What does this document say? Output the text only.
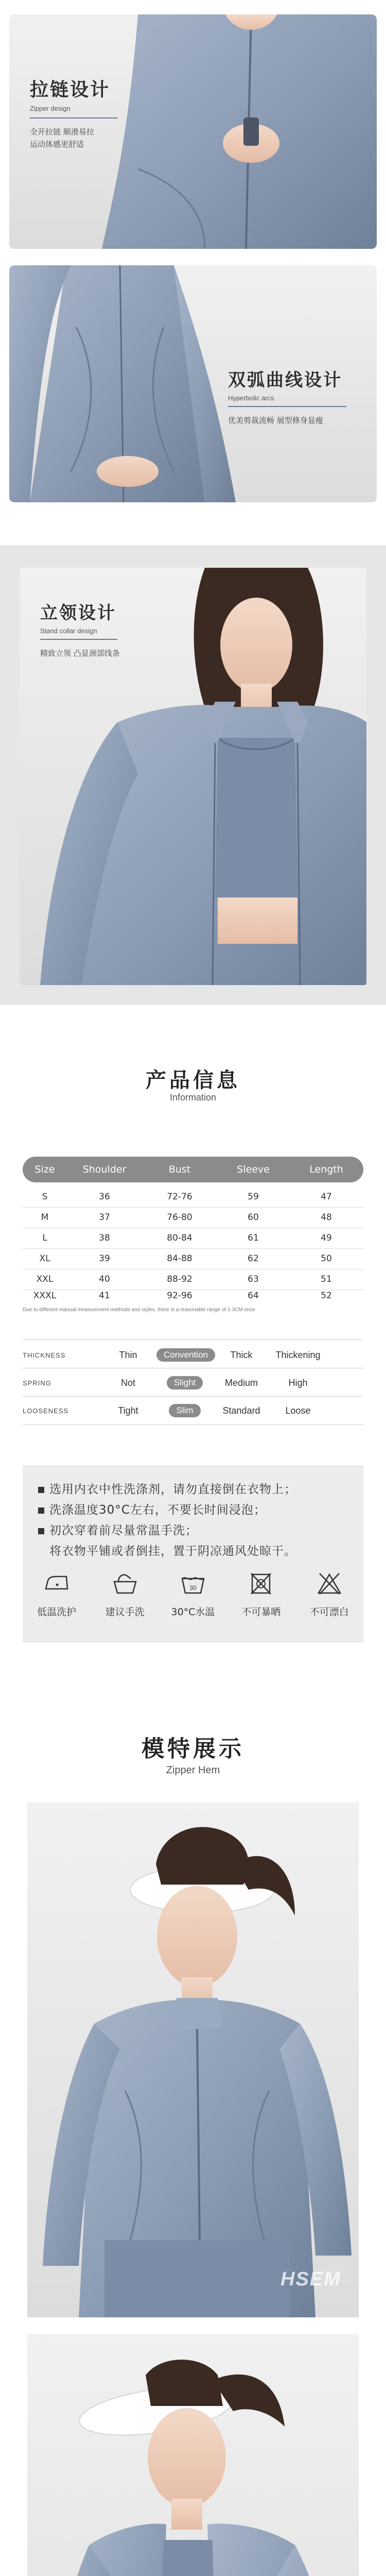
拉链设计
Zipper design
全开拉链 顺滑易拉
运动体感更舒适
双弧曲线设计
Hyperbolic arcs
优美剪裁流畅 展型修身显瘦
立领设计
Stand collar design
精致立领 凸显颈部线条
产品信息
Information
Size	Shoulder	Bust	Sleeve	Length
S	36	72-76	59	47
M	37	76-80	60	48
L	38	80-84	61	49
XL	39	84-88	62	50
XXL	40	88-92	63	51
XXXL	41	92-96	64	52
Due to different manual measurement methods and styles, there is a reasonable range of 1-3CM error
THICKNESS	Thin	Convention	Thick	Thickening
SPRING	Not	Slight	Medium	High
LOOSENESS	Tight	Slim	Standard	Loose
选用内衣中性洗涤剂，请勿直接倒在衣物上；
洗涤温度30°C左右，不要长时间浸泡；
初次穿着前尽量常温手洗；
将衣物平铺或者倒挂，置于阴凉通风处晾干。
低温洗护	建议手洗
30
30°C水温	不可暴晒	不可漂白
模特展示
Zipper Hem
HSEM
